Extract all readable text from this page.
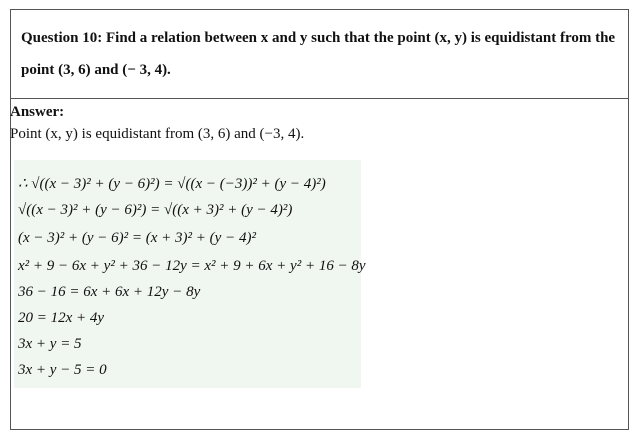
Question 10: Find a relation between x and y such that the point (x, y) is equidistant from the point (3, 6) and (− 3, 4).
Answer:
Point (x, y) is equidistant from (3, 6) and (−3, 4).
∴ √((x − 3)² + (y − 6)²) = √((x − (−3))² + (y − 4)²)
√((x − 3)² + (y − 6)²) = √((x + 3)² + (y − 4)²)
(x − 3)² + (y − 6)² = (x + 3)² + (y − 4)²
x² + 9 − 6x + y² + 36 − 12y = x² + 9 + 6x + y² + 16 − 8y
36 − 16 = 6x + 6x + 12y − 8y
20 = 12x + 4y
3x + y = 5
3x + y − 5 = 0
